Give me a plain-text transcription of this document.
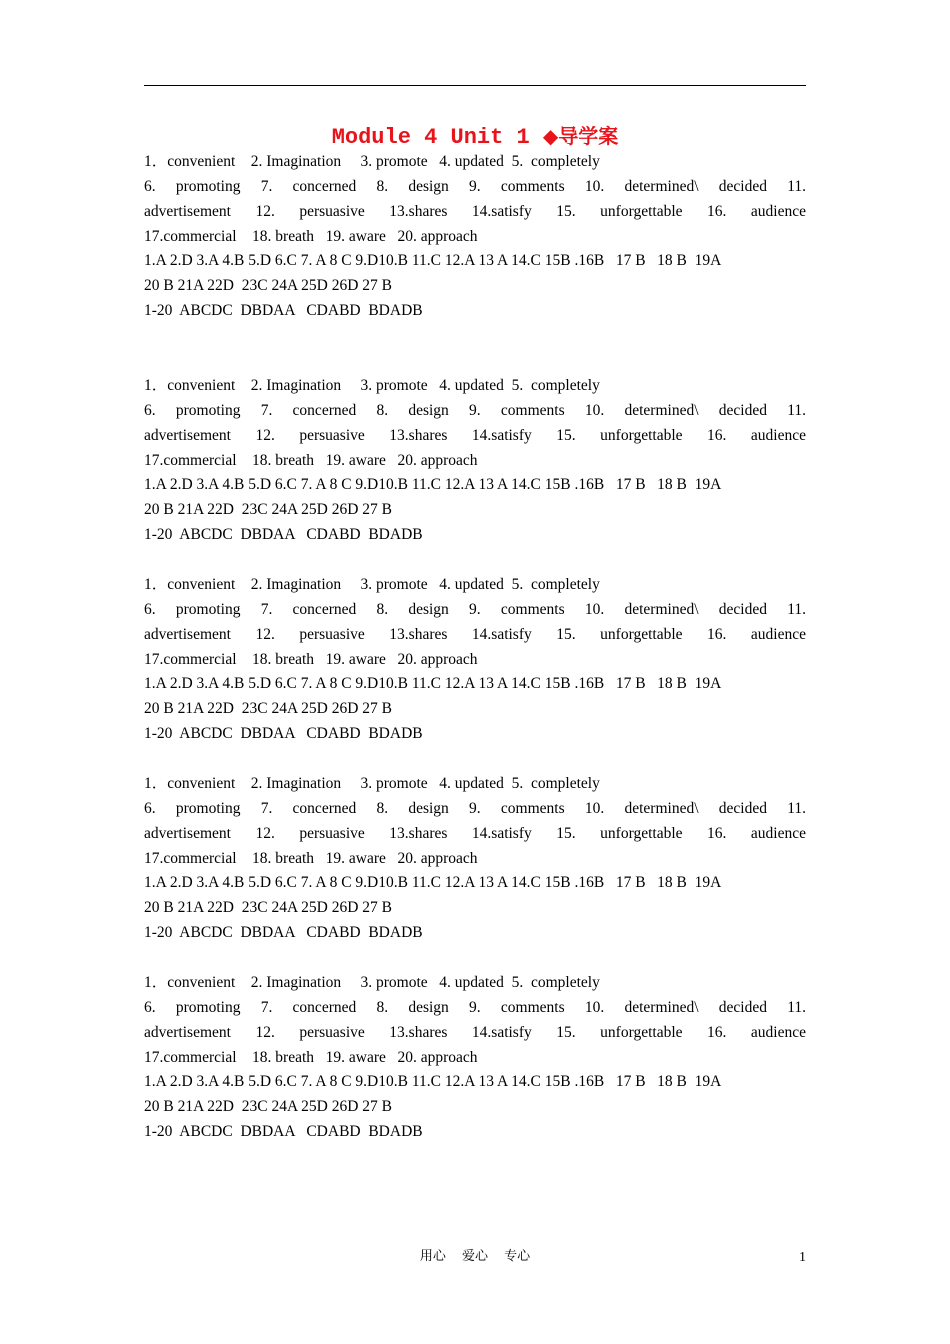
Module 4 Unit 1 ◆导学案
1．convenient    2. Imagination     3. promote   4. updated  5.  completely
6. promoting 7. concerned 8. design 9. comments 10. determined\ decided 11.
advertisement 12. persuasive 13.shares 14.satisfy 15. unforgettable 16. audience
17.commercial    18. breath   19. aware   20. approach
1.A 2.D 3.A 4.B 5.D 6.C 7. A 8 C 9.D10.B 11.C 12.A 13 A 14.C 15B .16B   17 B   18 B  19A
20 B 21A 22D  23C 24A 25D 26D 27 B
1-20  ABCDC  DBDAA   CDABD  BDADB
1．convenient    2. Imagination     3. promote   4. updated  5.  completely
6. promoting 7. concerned 8. design 9. comments 10. determined\ decided 11.
advertisement 12. persuasive 13.shares 14.satisfy 15. unforgettable 16. audience
17.commercial    18. breath   19. aware   20. approach
1.A 2.D 3.A 4.B 5.D 6.C 7. A 8 C 9.D10.B 11.C 12.A 13 A 14.C 15B .16B   17 B   18 B  19A
20 B 21A 22D  23C 24A 25D 26D 27 B
1-20  ABCDC  DBDAA   CDABD  BDADB
1．convenient    2. Imagination     3. promote   4. updated  5.  completely
6. promoting 7. concerned 8. design 9. comments 10. determined\ decided 11.
advertisement 12. persuasive 13.shares 14.satisfy 15. unforgettable 16. audience
17.commercial    18. breath   19. aware   20. approach
1.A 2.D 3.A 4.B 5.D 6.C 7. A 8 C 9.D10.B 11.C 12.A 13 A 14.C 15B .16B   17 B   18 B  19A
20 B 21A 22D  23C 24A 25D 26D 27 B
1-20  ABCDC  DBDAA   CDABD  BDADB
1．convenient    2. Imagination     3. promote   4. updated  5.  completely
6. promoting 7. concerned 8. design 9. comments 10. determined\ decided 11.
advertisement 12. persuasive 13.shares 14.satisfy 15. unforgettable 16. audience
17.commercial    18. breath   19. aware   20. approach
1.A 2.D 3.A 4.B 5.D 6.C 7. A 8 C 9.D10.B 11.C 12.A 13 A 14.C 15B .16B   17 B   18 B  19A
20 B 21A 22D  23C 24A 25D 26D 27 B
1-20  ABCDC  DBDAA   CDABD  BDADB
1．convenient    2. Imagination     3. promote   4. updated  5.  completely
6. promoting 7. concerned 8. design 9. comments 10. determined\ decided 11.
advertisement 12. persuasive 13.shares 14.satisfy 15. unforgettable 16. audience
17.commercial    18. breath   19. aware   20. approach
1.A 2.D 3.A 4.B 5.D 6.C 7. A 8 C 9.D10.B 11.C 12.A 13 A 14.C 15B .16B   17 B   18 B  19A
20 B 21A 22D  23C 24A 25D 26D 27 B
1-20  ABCDC  DBDAA   CDABD  BDADB
用心 爱心 专心	1
